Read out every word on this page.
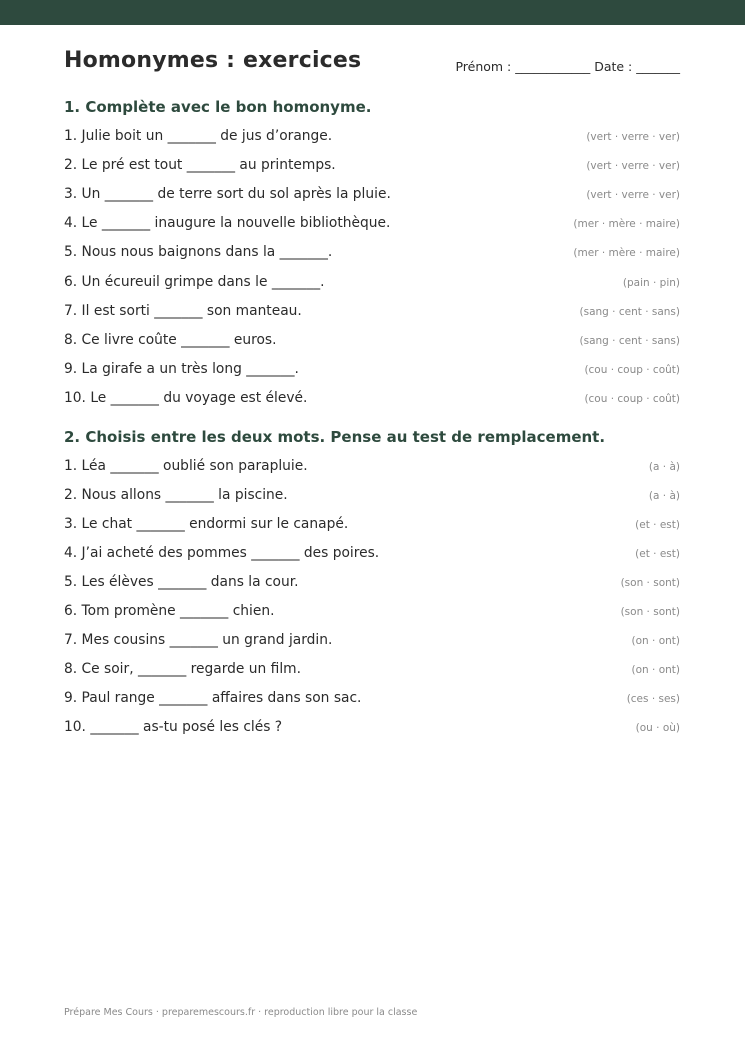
Homonymes : exercices	Prénom : ____________ Date : _______
1. Complète avec le bon homonyme.
1. Julie boit un _______ de jus d’orange.	(vert · verre · ver)
2. Le pré est tout _______ au printemps.	(vert · verre · ver)
3. Un _______ de terre sort du sol après la pluie.	(vert · verre · ver)
4. Le _______ inaugure la nouvelle bibliothèque.	(mer · mère · maire)
5. Nous nous baignons dans la _______.	(mer · mère · maire)
6. Un écureuil grimpe dans le _______.	(pain · pin)
7. Il est sorti _______ son manteau.	(sang · cent · sans)
8. Ce livre coûte _______ euros.	(sang · cent · sans)
9. La girafe a un très long _______.	(cou · coup · coût)
10. Le _______ du voyage est élevé.	(cou · coup · coût)
2. Choisis entre les deux mots. Pense au test de remplacement.
1. Léa _______ oublié son parapluie.	(a · à)
2. Nous allons _______ la piscine.	(a · à)
3. Le chat _______ endormi sur le canapé.	(et · est)
4. J’ai acheté des pommes _______ des poires.	(et · est)
5. Les élèves _______ dans la cour.	(son · sont)
6. Tom promène _______ chien.	(son · sont)
7. Mes cousins _______ un grand jardin.	(on · ont)
8. Ce soir, _______ regarde un film.	(on · ont)
9. Paul range _______ affaires dans son sac.	(ces · ses)
10. _______ as-tu posé les clés ?	(ou · où)
Prépare Mes Cours · preparemescours.fr · reproduction libre pour la classe
